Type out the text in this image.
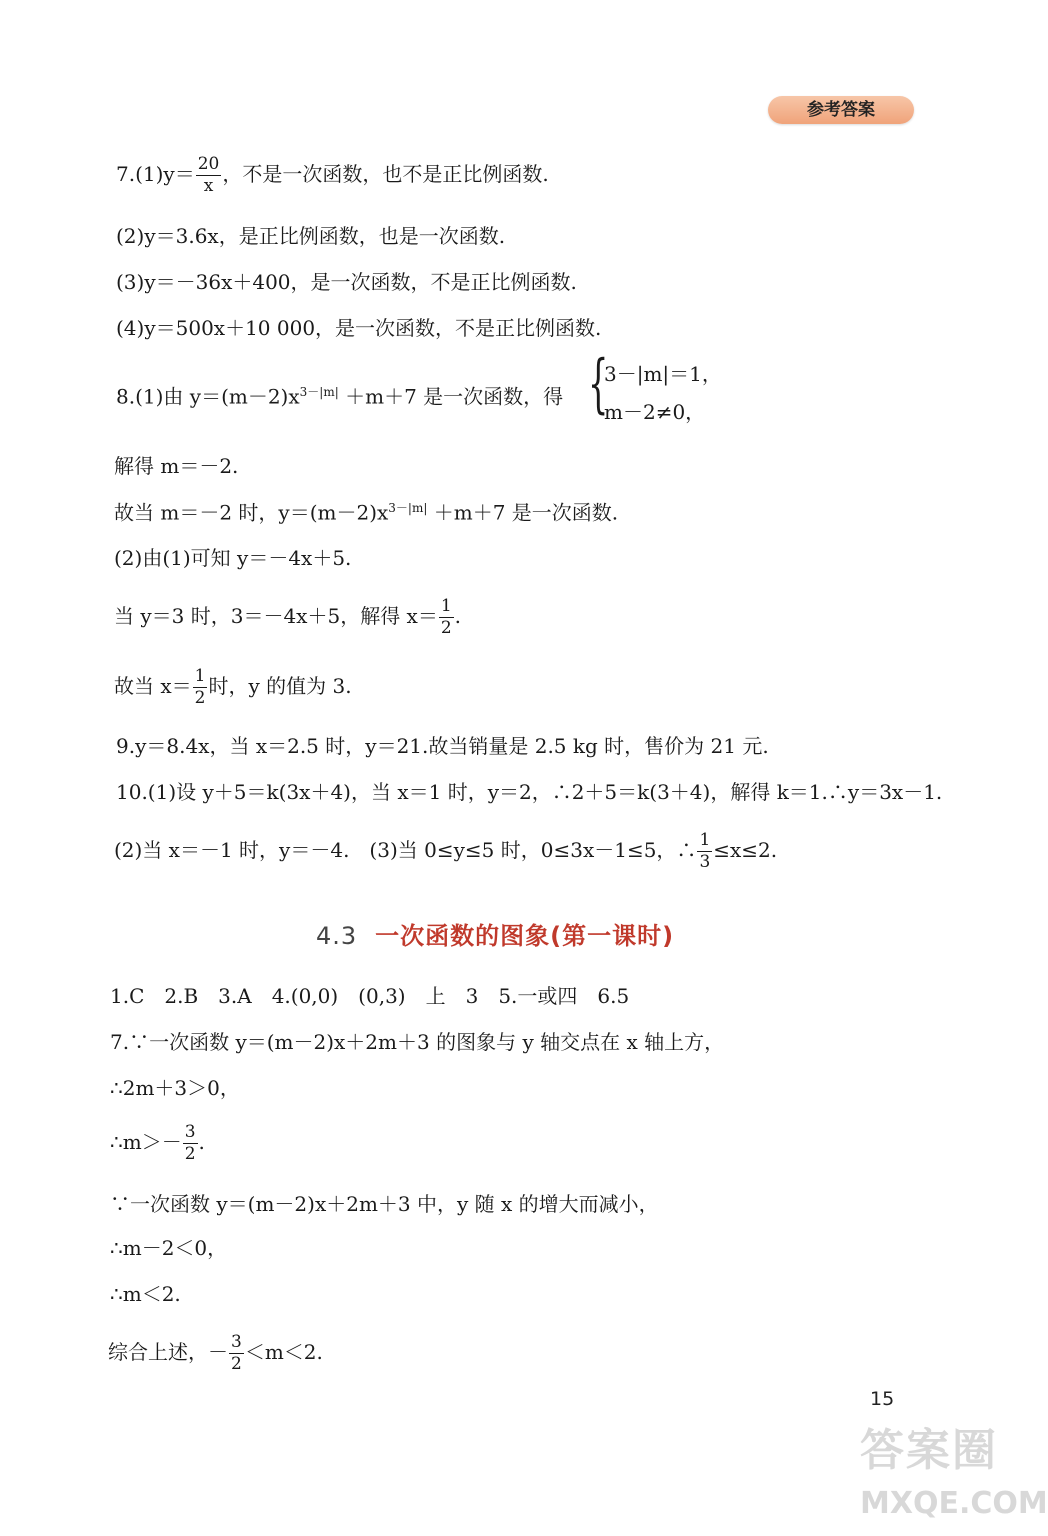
参考答案
$7.(1)y= \frac{20}{x}$ ，不是一次函数，也不是正比例函数.
(2)y＝3.6x，是正比例函数，也是一次函数.
(3)y＝－36x＋400，是一次函数，不是正比例函数.
(4)y＝500x＋10 000，是一次函数，不是正比例函数.
8.(1)由 $y=(m-2)x^{3-|m|} +m+7$ 是一次函数，得
{ 3－|m|＝1，
m－2≠0，
解得 m＝－2.
故当 m＝－2 时，$y=(m-2)x^{3-|m|} +m+7$ 是一次函数.
(2)由(1)可知 y＝－4x＋5.
当 y＝3 时，3＝－4x＋5，解得 $x= \frac{1}{2}$ .
故当 $x= \frac{1}{2}$ 时，y 的值为 3.
9.y＝8.4x，当 x＝2.5 时，y＝21.故当销量是 2.5 kg 时，售价为 21 元.
10.(1)设 y＋5＝k(3x＋4)，当 x＝1 时，y＝2，∴2＋5＝k(3＋4)，解得 k＝1.∴y＝3x－1.
(2)当 x＝－1 时，y＝－4.　(3)当 0≤y≤5 时，0≤3x－1≤5，∴ $\frac{1}{3} \le x\le 2$.
4.3 一次函数的图象(第一课时)
1.C　2.B　3.A　4.(0,0)　(0,3)　上　3　5.一或四　6.5
7.∵一次函数 y＝(m－2)x＋2m＋3 的图象与 y 轴交点在 x 轴上方，
∴2m＋3＞0，
∴m＞－ $\frac{3}{2}$ .
∵一次函数 y＝(m－2)x＋2m＋3 中，y 随 x 的增大而减小，
∴m－2＜0，
∴m＜2.
综合上述，－ $\frac{3}{2} <m<2$.
15
答案圈
MXQE.COM
